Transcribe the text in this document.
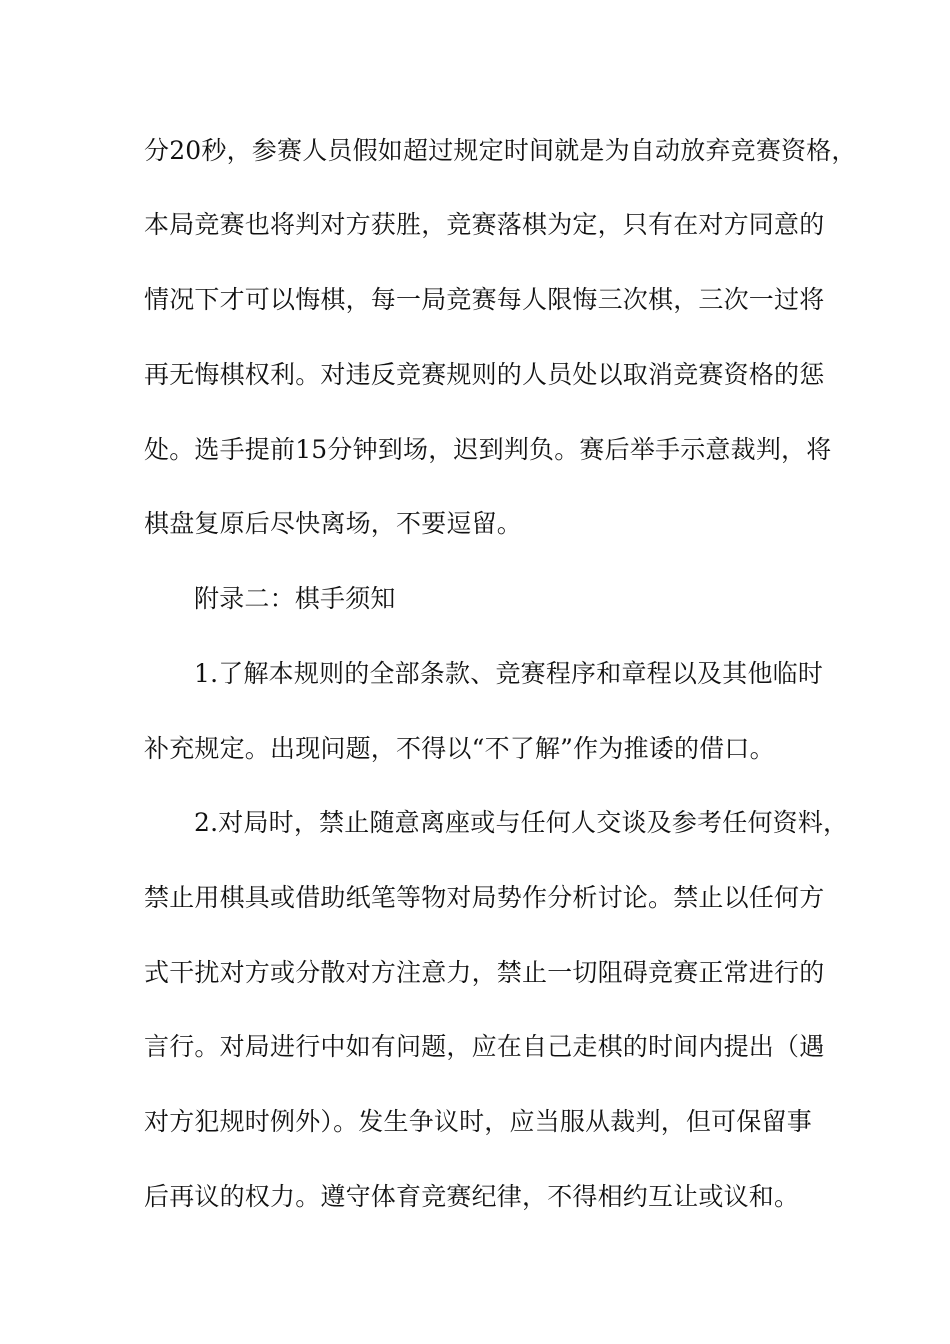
分20秒，参赛人员假如超过规定时间就是为自动放弃竞赛资格，
本局竞赛也将判对方获胜，竞赛落棋为定，只有在对方同意的
情况下才可以悔棋，每一局竞赛每人限悔三次棋，三次一过将
再无悔棋权利。对违反竞赛规则的人员处以取消竞赛资格的惩
处。选手提前15分钟到场，迟到判负。赛后举手示意裁判，将
棋盘复原后尽快离场，不要逗留。
附录二：棋手须知
1.了解本规则的全部条款、竞赛程序和章程以及其他临时
补充规定。出现问题，不得以“不了解”作为推诿的借口。
2.对局时，禁止随意离座或与任何人交谈及参考任何资料，
禁止用棋具或借助纸笔等物对局势作分析讨论。禁止以任何方
式干扰对方或分散对方注意力，禁止一切阻碍竞赛正常进行的
言行。对局进行中如有问题，应在自己走棋的时间内提出（遇
对方犯规时例外）。发生争议时，应当服从裁判，但可保留事
后再议的权力。遵守体育竞赛纪律，不得相约互让或议和。
